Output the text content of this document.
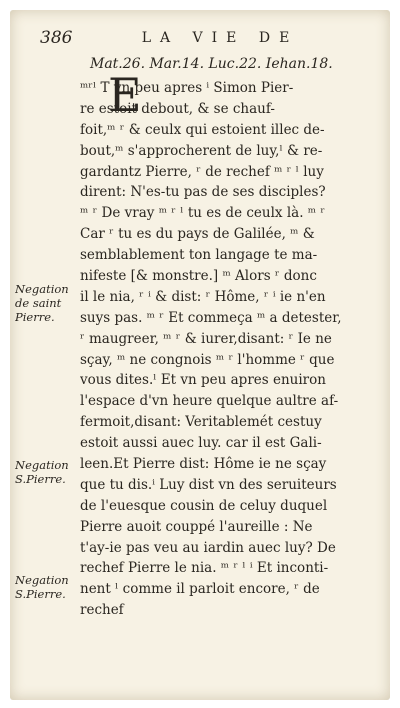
386	LA VIE DE
Mat.26. Mar.14. Luc.22. Iehan.18.
E
ᵐʳˡ T vn peu apres ⁱ Simon Pier-
re estoit debout, & se chauf-
foit,ᵐ ʳ & ceulx qui estoient illec de-
bout,ᵐ s'approcherent de luy,ˡ & re-
gardantz Pierre, ʳ de rechef ᵐ ʳ ˡ luy
dirent: N'es-tu pas de ses disciples?
ᵐ ʳ De vray ᵐ ʳ ˡ tu es de ceulx là. ᵐ ʳ
Car ʳ tu es du pays de Galilée, ᵐ &
semblablement ton langage te ma-
nifeste [& monstre.] ᵐ Alors ʳ donc
il le nia, ʳ ⁱ & dist: ʳ Hôme, ʳ ⁱ ie n'en
suys pas. ᵐ ʳ Et commeça ᵐ a detester,
ʳ maugreer, ᵐ ʳ & iurer,disant: ʳ Ie ne
sçay, ᵐ ne congnois ᵐ ʳ l'homme ʳ que
vous dites.ˡ Et vn peu apres enuiron
l'espace d'vn heure quelque aultre af-
fermoit,disant: Veritablemét cestuy
estoit aussi auec luy. car il est Gali-
leen.Et Pierre dist: Hôme ie ne sçay
que tu dis.ⁱ Luy dist vn des seruiteurs
de l'euesque cousin de celuy duquel
Pierre auoit couppé l'aureille : Ne
t'ay-ie pas veu au iardin auec luy? De
rechef Pierre le nia. ᵐ ʳ ˡ ⁱ Et inconti-
nent ˡ comme il parloit encore, ʳ de
rechef
Negation
de saint
Pierre.
Negation
S.Pierre.
Negation
S.Pierre.
